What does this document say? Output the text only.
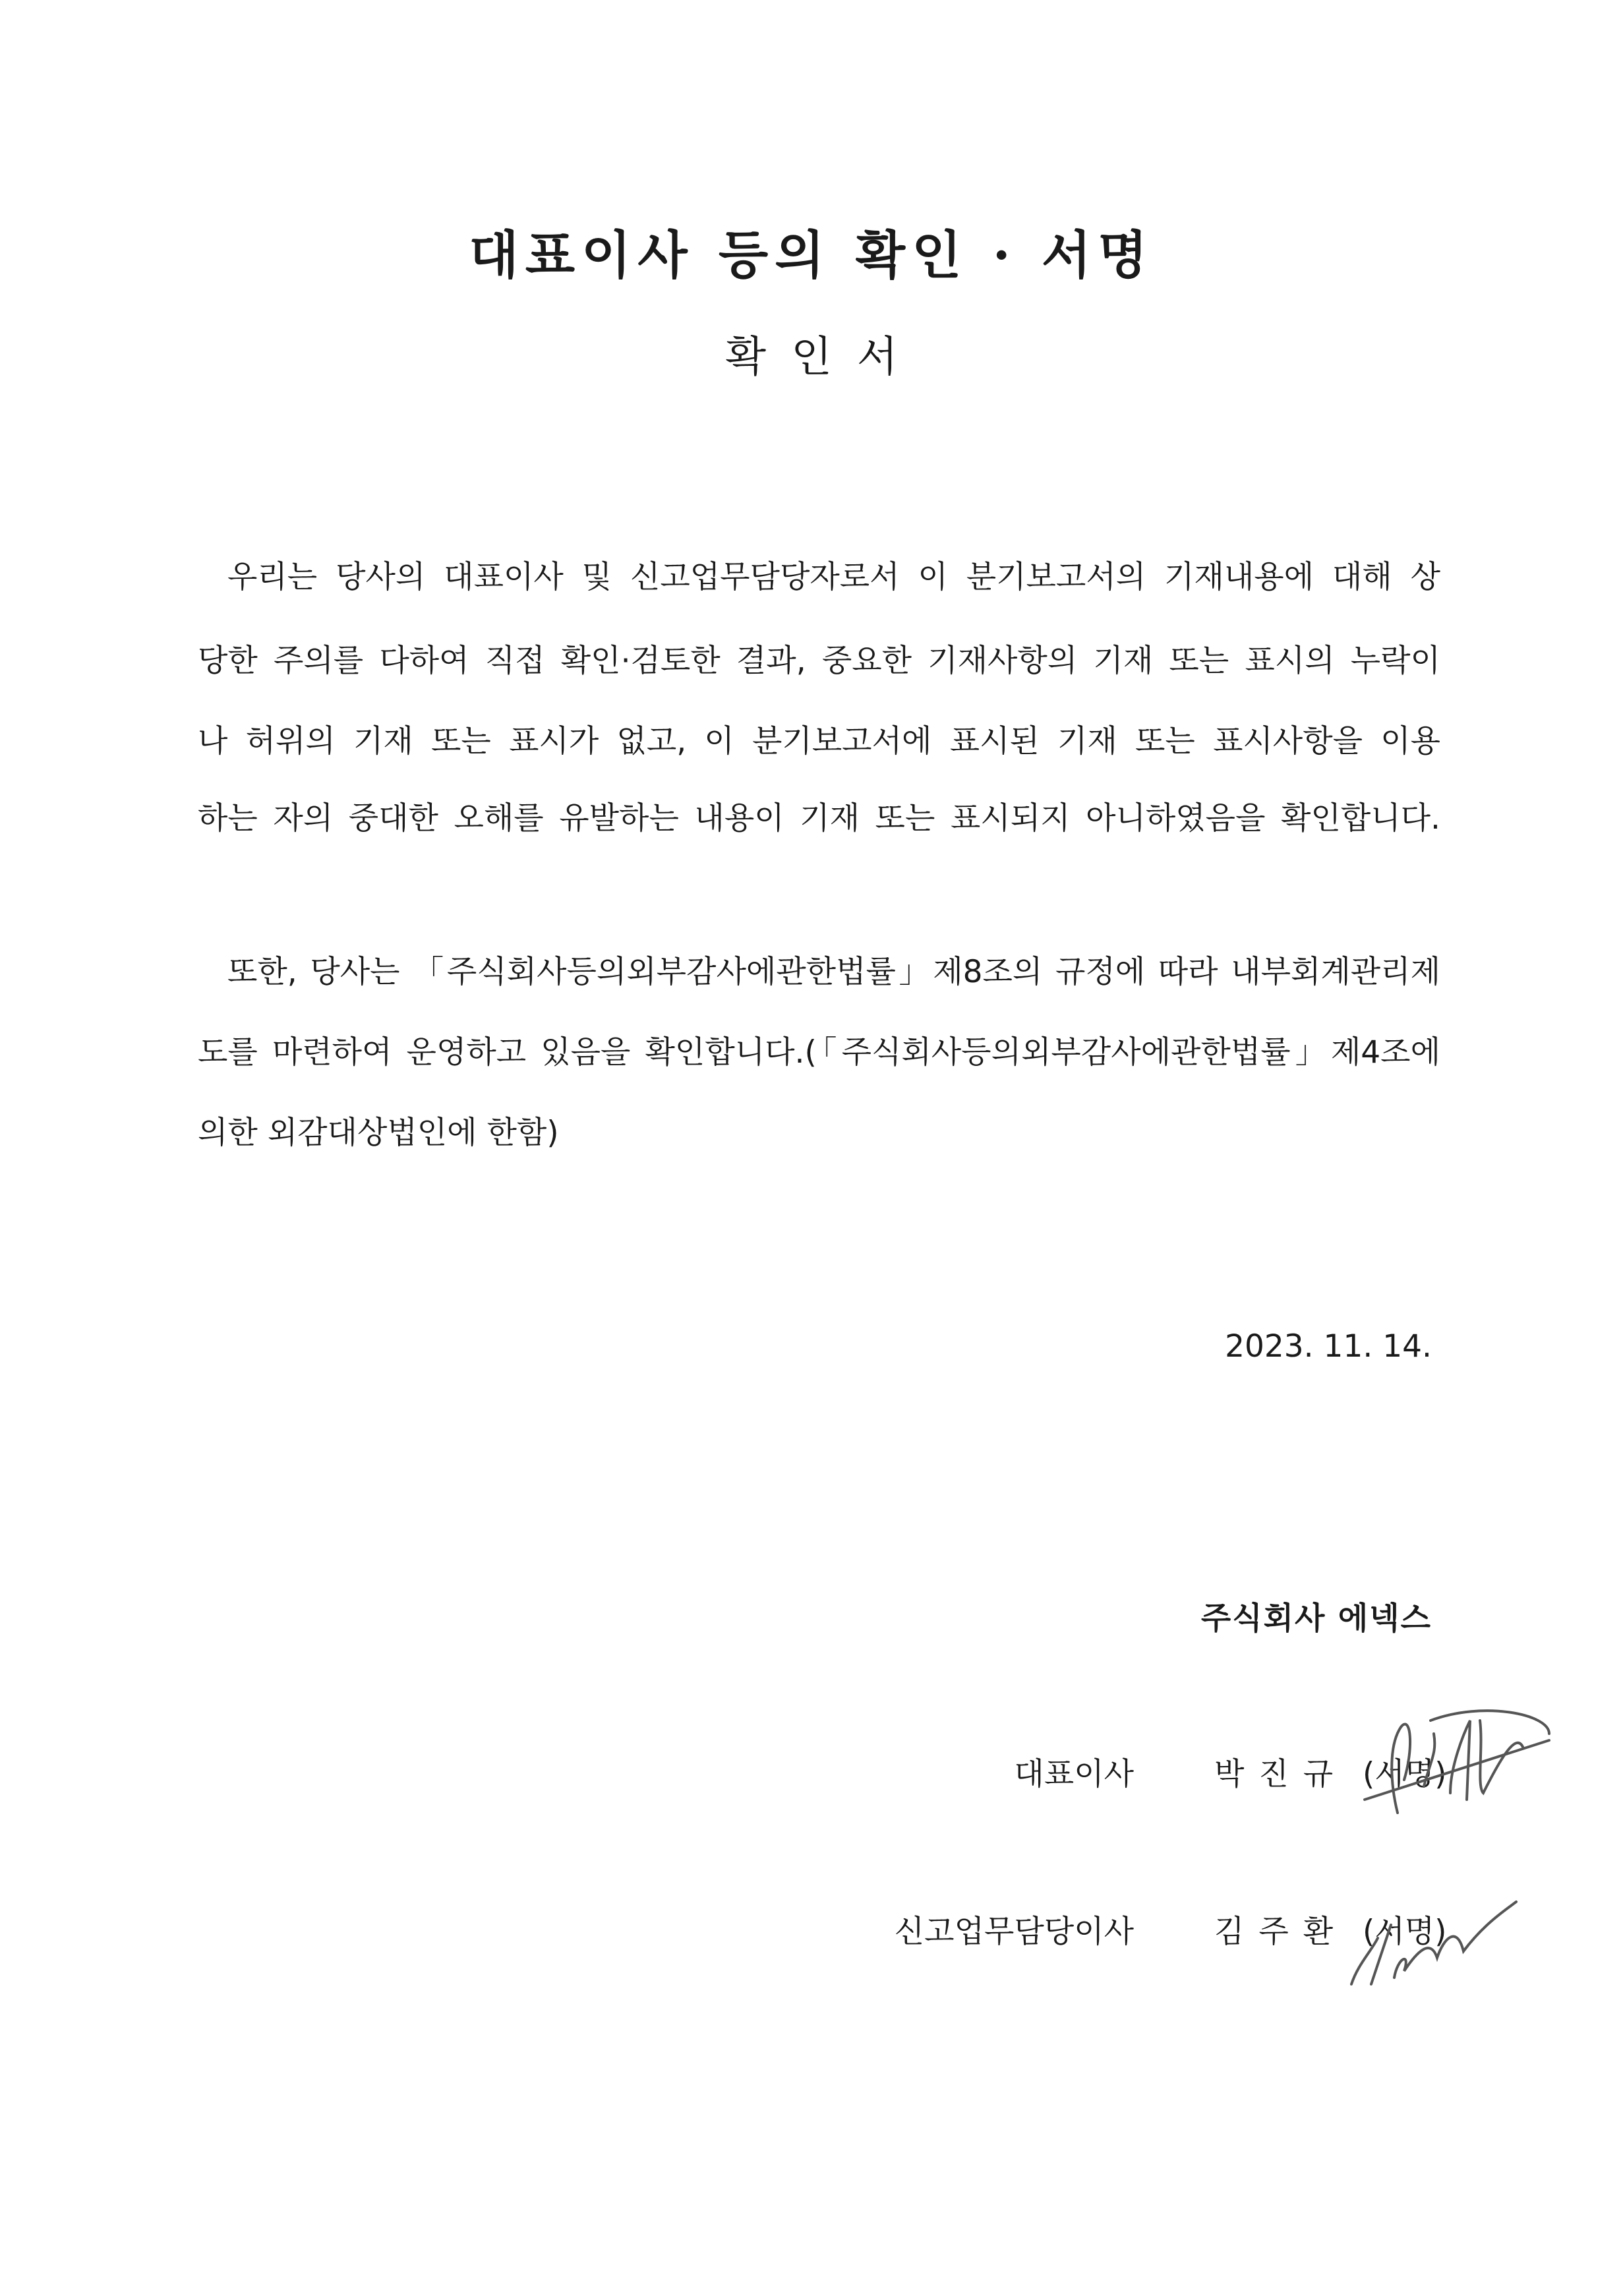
대표이사 등의 확인 · 서명
확인서
우리는 당사의 대표이사 및 신고업무담당자로서 이 분기보고서의 기재내용에 대해 상
당한 주의를 다하여 직접 확인·검토한 결과, 중요한 기재사항의 기재 또는 표시의 누락이
나 허위의 기재 또는 표시가 없고, 이 분기보고서에 표시된 기재 또는 표시사항을 이용
하는 자의 중대한 오해를 유발하는 내용이 기재 또는 표시되지 아니하였음을 확인합니다.
또한, 당사는 「주식회사등의외부감사에관한법률」제8조의 규정에 따라 내부회계관리제
도를 마련하여 운영하고 있음을 확인합니다.(「주식회사등의외부감사에관한법률」제4조에
의한 외감대상법인에 한함)
2023. 11. 14.
주식회사 에넥스
대표이사	박진규 (서명)
신고업무담당이사	김주환 (서명)
